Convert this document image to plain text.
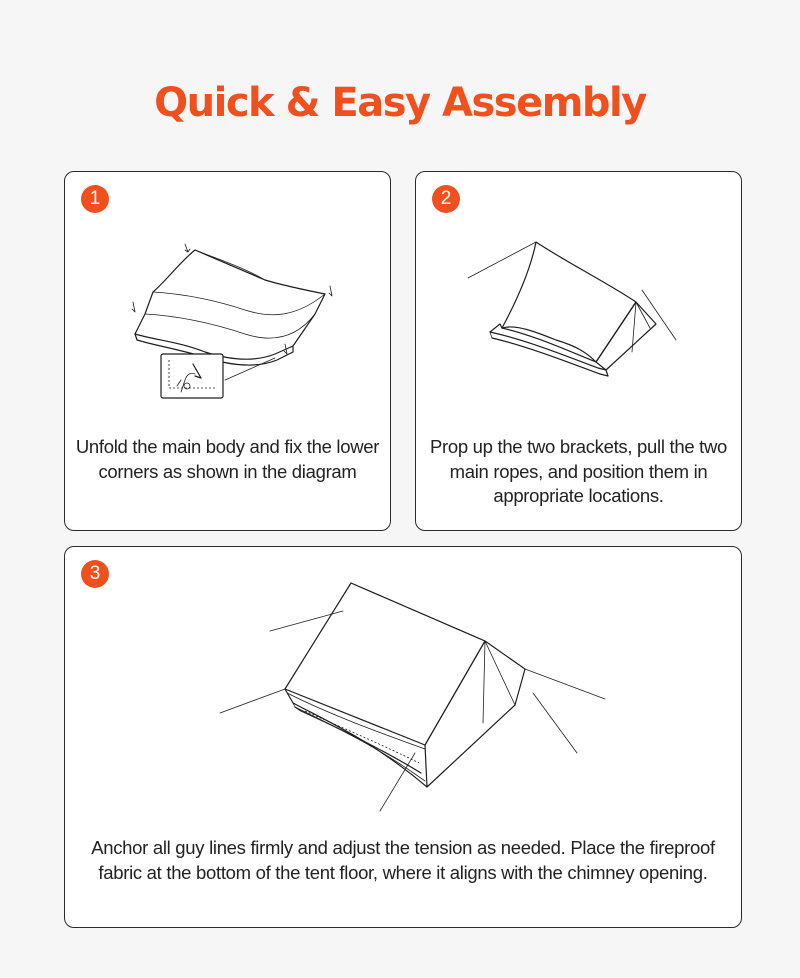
Quick & Easy Assembly
1
Unfold the main body and fix the lower corners as shown in the diagram
2
Prop up the two brackets, pull the two main ropes, and position them in appropriate locations.
3
Anchor all guy lines firmly and adjust the tension as needed. Place the fireproof fabric at the bottom of the tent floor, where it aligns with the chimney opening.
